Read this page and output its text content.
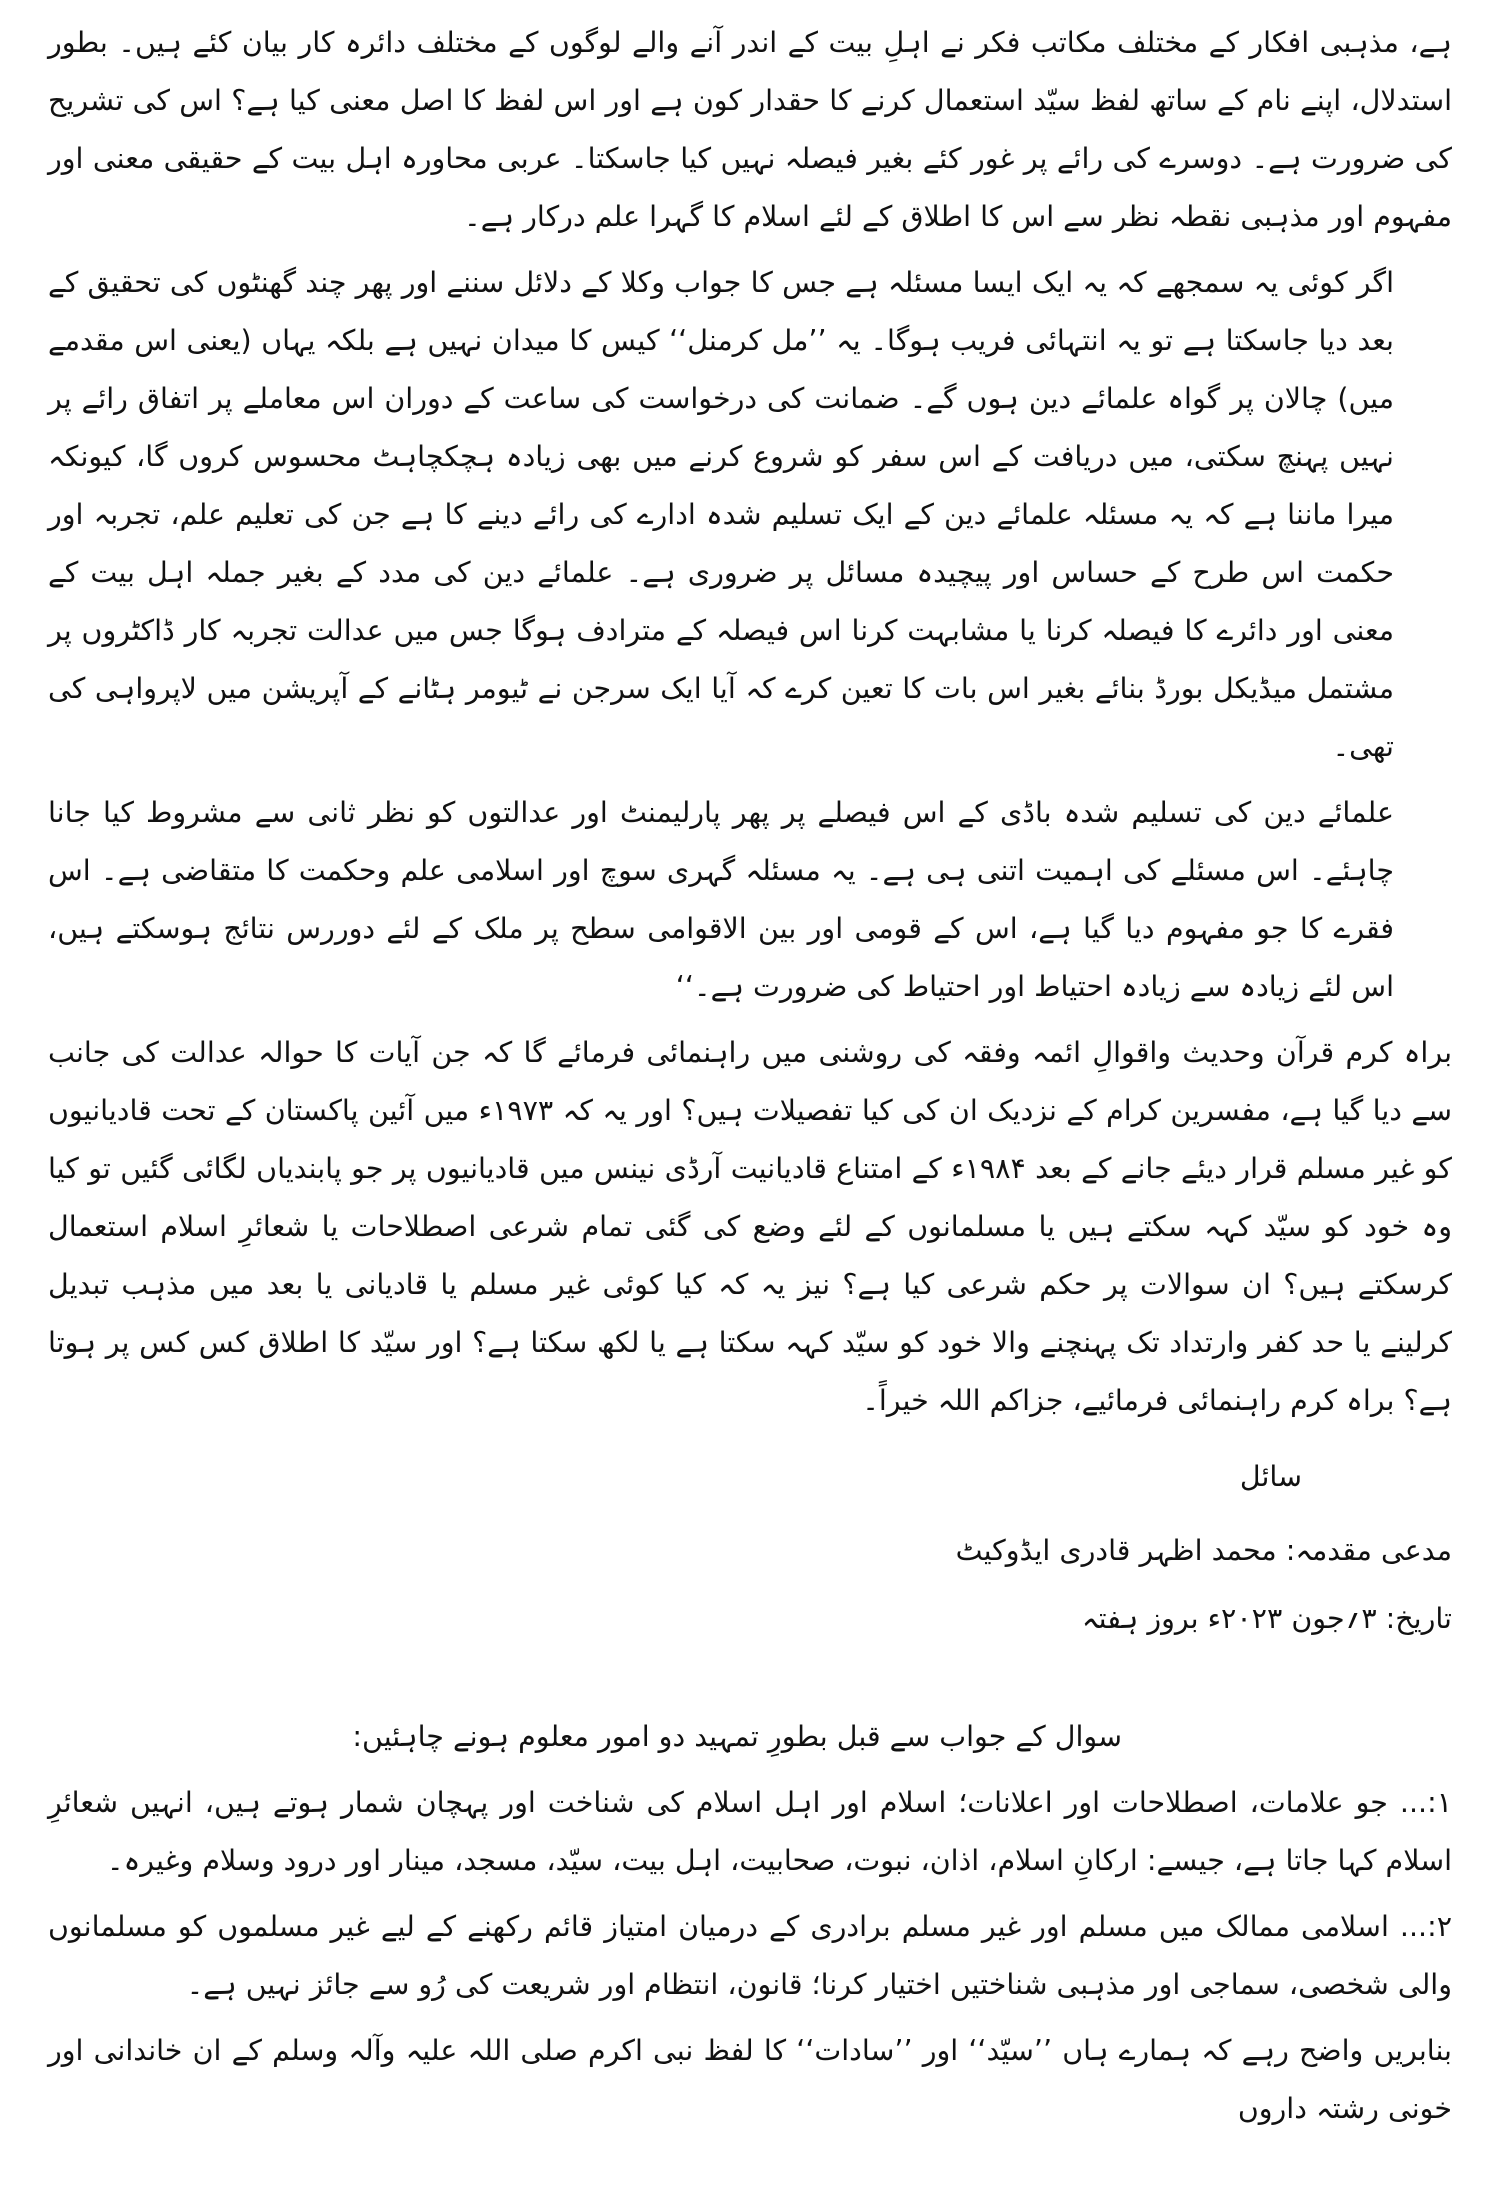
ہے، مذہبی افکار کے مختلف مکاتب فکر نے اہلِ بیت کے اندر آنے والے لوگوں کے مختلف دائرہ کار بیان کئے ہیں۔ بطور استدلال، اپنے نام کے ساتھ لفظ سیّد استعمال کرنے کا حقدار کون ہے اور اس لفظ کا اصل معنی کیا ہے؟ اس کی تشریح کی ضرورت ہے۔ دوسرے کی رائے پر غور کئے بغیر فیصلہ نہیں کیا جاسکتا۔ عربی محاورہ اہل بیت کے حقیقی معنی اور مفہوم اور مذہبی نقطہ نظر سے اس کا اطلاق کے لئے اسلام کا گہرا علم درکار ہے۔

اگر کوئی یہ سمجھے کہ یہ ایک ایسا مسئلہ ہے جس کا جواب وکلا کے دلائل سننے اور پھر چند گھنٹوں کی تحقیق کے بعد دیا جاسکتا ہے تو یہ انتہائی فریب ہوگا۔ یہ ’’مل کرمنل‘‘ کیس کا میدان نہیں ہے بلکہ یہاں (یعنی اس مقدمے میں) چالان پر گواہ علمائے دین ہوں گے۔ ضمانت کی درخواست کی ساعت کے دوران اس معاملے پر اتفاق رائے پر نہیں پہنچ سکتی، میں دریافت کے اس سفر کو شروع کرنے میں بھی زیادہ ہچکچاہٹ محسوس کروں گا، کیونکہ میرا ماننا ہے کہ یہ مسئلہ علمائے دین کے ایک تسلیم شدہ ادارے کی رائے دینے کا ہے جن کی تعلیم علم، تجربہ اور حکمت اس طرح کے حساس اور پیچیدہ مسائل پر ضروری ہے۔ علمائے دین کی مدد کے بغیر جملہ اہل بیت کے معنی اور دائرے کا فیصلہ کرنا یا مشابہت کرنا اس فیصلہ کے مترادف ہوگا جس میں عدالت تجربہ کار ڈاکٹروں پر مشتمل میڈیکل بورڈ بنائے بغیر اس بات کا تعین کرے کہ آیا ایک سرجن نے ٹیومر ہٹانے کے آپریشن میں لاپرواہی کی تھی۔

علمائے دین کی تسلیم شدہ باڈی کے اس فیصلے پر پھر پارلیمنٹ اور عدالتوں کو نظر ثانی سے مشروط کیا جانا چاہئے۔ اس مسئلے کی اہمیت اتنی ہی ہے۔ یہ مسئلہ گہری سوچ اور اسلامی علم وحکمت کا متقاضی ہے۔ اس فقرے کا جو مفہوم دیا گیا ہے، اس کے قومی اور بین الاقوامی سطح پر ملک کے لئے دوررس نتائج ہوسکتے ہیں، اس لئے زیادہ سے زیادہ احتیاط اور احتیاط کی ضرورت ہے۔‘‘

براہ کرم قرآن وحدیث واقوالِ ائمہ وفقہ کی روشنی میں راہنمائی فرمائے گا کہ جن آیات کا حوالہ عدالت کی جانب سے دیا گیا ہے، مفسرین کرام کے نزدیک ان کی کیا تفصیلات ہیں؟ اور یہ کہ ۱۹۷۳ء میں آئین پاکستان کے تحت قادیانیوں کو غیر مسلم قرار دیئے جانے کے بعد ۱۹۸۴ء کے امتناع قادیانیت آرڈی نینس میں قادیانیوں پر جو پابندیاں لگائی گئیں تو کیا وہ خود کو سیّد کہہ سکتے ہیں یا مسلمانوں کے لئے وضع کی گئی تمام شرعی اصطلاحات یا شعائرِ اسلام استعمال کرسکتے ہیں؟ ان سوالات پر حکم شرعی کیا ہے؟ نیز یہ کہ کیا کوئی غیر مسلم یا قادیانی یا بعد میں مذہب تبدیل کرلینے یا حد کفر وارتداد تک پہنچنے والا خود کو سیّد کہہ سکتا ہے یا لکھ سکتا ہے؟ اور سیّد کا اطلاق کس کس پر ہوتا ہے؟ براہ کرم راہنمائی فرمائیے، جزاکم اللہ خیراً۔

سائل

مدعی مقدمہ: محمد اظہر قادری ایڈوکیٹ

تاریخ: ۳؍جون ۲۰۲۳ء بروز ہفتہ

سوال کے جواب سے قبل بطورِ تمہید دو امور معلوم ہونے چاہئیں:

۱:... جو علامات، اصطلاحات اور اعلانات؛ اسلام اور اہل اسلام کی شناخت اور پہچان شمار ہوتے ہیں، انہیں شعائرِ اسلام کہا جاتا ہے، جیسے: ارکانِ اسلام، اذان، نبوت، صحابیت، اہل بیت، سیّد، مسجد، مینار اور درود وسلام وغیرہ۔

۲:... اسلامی ممالک میں مسلم اور غیر مسلم برادری کے درمیان امتیاز قائم رکھنے کے لیے غیر مسلموں کو مسلمانوں والی شخصی، سماجی اور مذہبی شناختیں اختیار کرنا؛ قانون، انتظام اور شریعت کی رُو سے جائز نہیں ہے۔

بنابریں واضح رہے کہ ہمارے ہاں ’’سیّد‘‘ اور ’’سادات‘‘ کا لفظ نبی اکرم صلی اللہ علیہ وآلہ وسلم کے ان خاندانی اور خونی رشتہ داروں
